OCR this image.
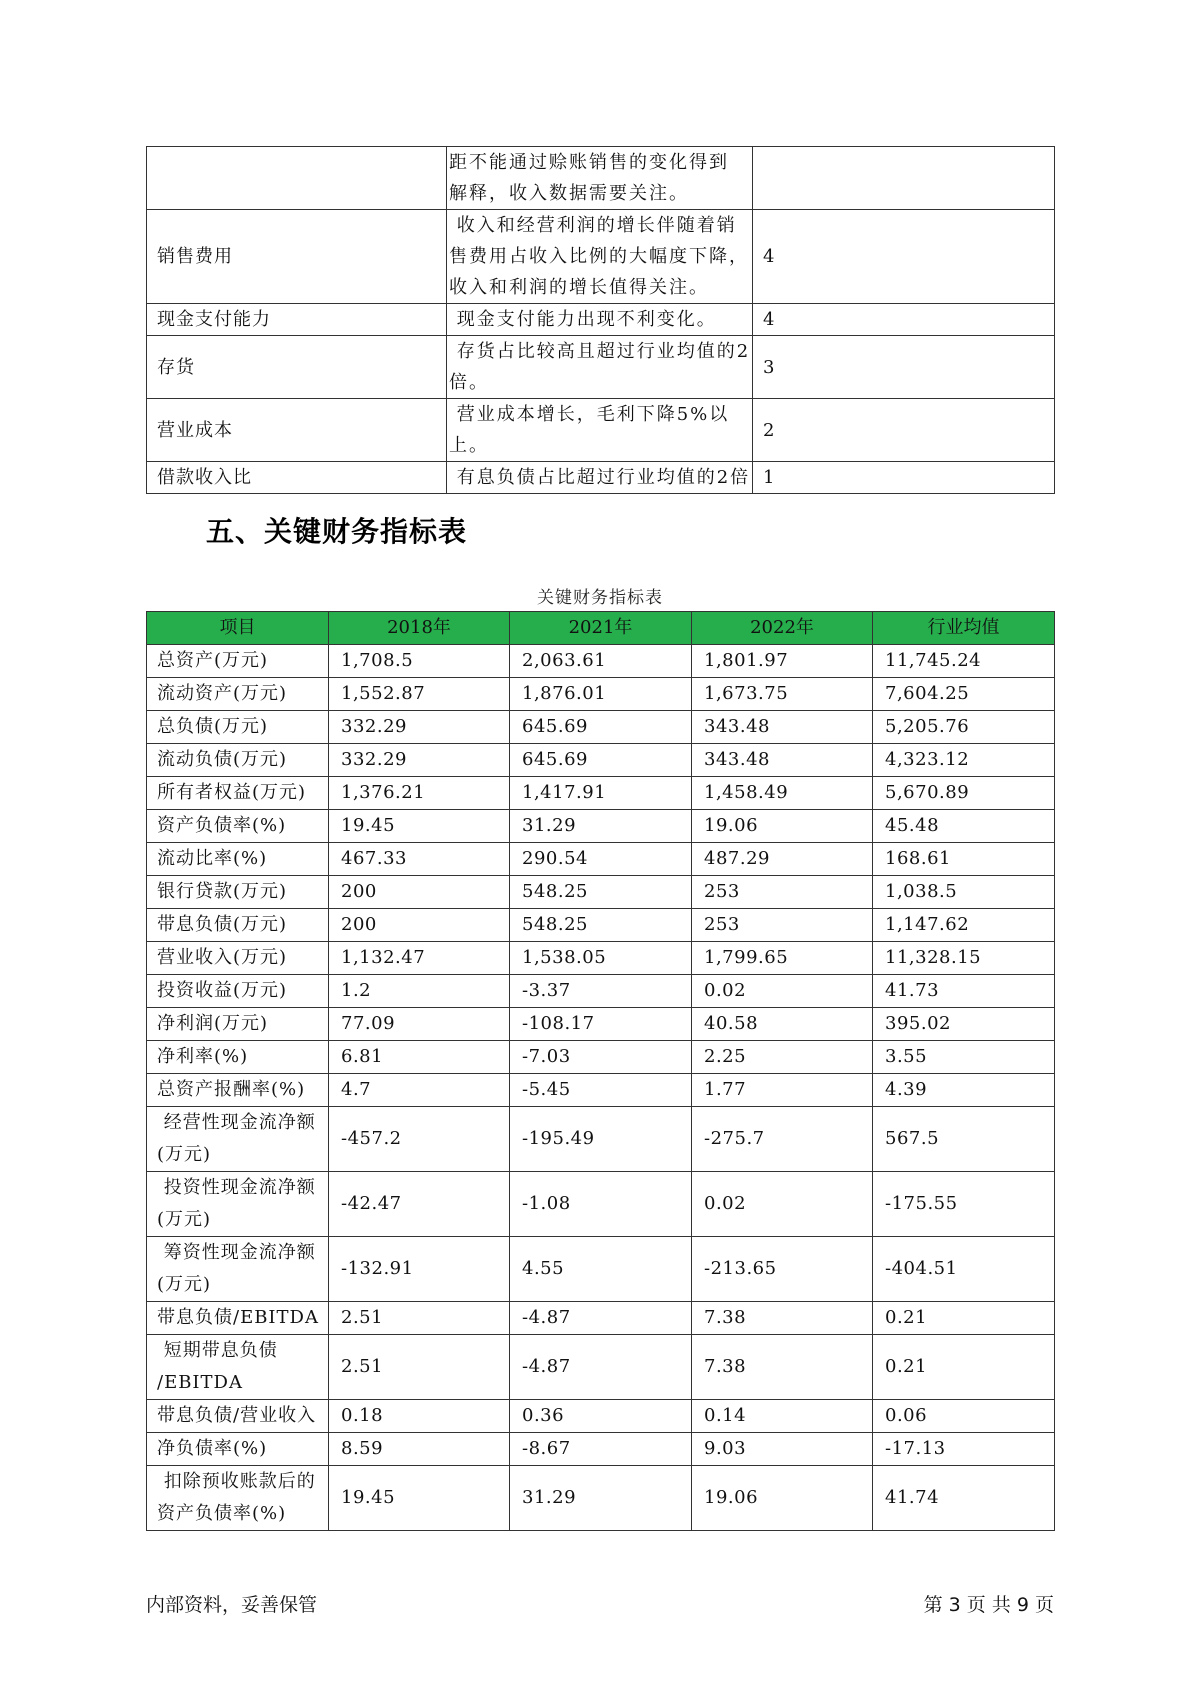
	距不能通过赊账销售的变化得到
解释，收入数据需要关注。	
销售费用	收入和经营利润的增长伴随着销
售费用占收入比例的大幅度下降，
收入和利润的增长值得关注。	4
现金支付能力	现金支付能力出现不利变化。	4
存货	存货占比较高且超过行业均值的2
倍。	3
营业成本	营业成本增长，毛利下降5%以上。	2
借款收入比	有息负债占比超过行业均值的2倍	1
五、关键财务指标表
关键财务指标表
项目	2018年	2021年	2022年	行业均值
总资产(万元)	1,708.5	2,063.61	1,801.97	11,745.24
流动资产(万元)	1,552.87	1,876.01	1,673.75	7,604.25
总负债(万元)	332.29	645.69	343.48	5,205.76
流动负债(万元)	332.29	645.69	343.48	4,323.12
所有者权益(万元)	1,376.21	1,417.91	1,458.49	5,670.89
资产负债率(%)	19.45	31.29	19.06	45.48
流动比率(%)	467.33	290.54	487.29	168.61
银行贷款(万元)	200	548.25	253	1,038.5
带息负债(万元)	200	548.25	253	1,147.62
营业收入(万元)	1,132.47	1,538.05	1,799.65	11,328.15
投资收益(万元)	1.2	-3.37	0.02	41.73
净利润(万元)	77.09	-108.17	40.58	395.02
净利率(%)	6.81	-7.03	2.25	3.55
总资产报酬率(%)	4.7	-5.45	1.77	4.39
经营性现金流净额
(万元)	-457.2	-195.49	-275.7	567.5
投资性现金流净额
(万元)	-42.47	-1.08	0.02	-175.55
筹资性现金流净额
(万元)	-132.91	4.55	-213.65	-404.51
带息负债/EBITDA	2.51	-4.87	7.38	0.21
短期带息负债
/EBITDA	2.51	-4.87	7.38	0.21
带息负债/营业收入	0.18	0.36	0.14	0.06
净负债率(%)	8.59	-8.67	9.03	-17.13
扣除预收账款后的
资产负债率(%)	19.45	31.29	19.06	41.74
内部资料，妥善保管	第 3 页 共 9 页
